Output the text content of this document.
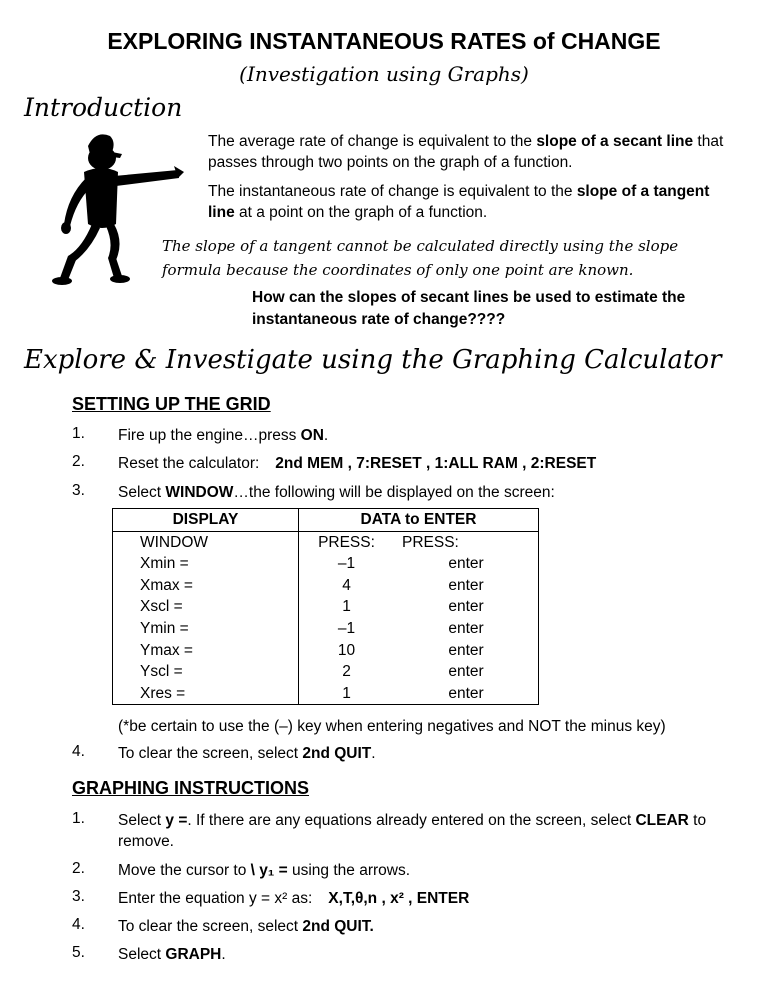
EXPLORING INSTANTANEOUS RATES of CHANGE
(Investigation using Graphs)
Introduction
The average rate of change is equivalent to the slope of a secant line that passes through two points on the graph of a function.
The instantaneous rate of change is equivalent to the slope of a tangent line at a point on the graph of a function.
The slope of a tangent cannot be calculated directly using the slope formula because the coordinates of only one point are known.
How can the slopes of secant lines be used to estimate the instantaneous rate of change????
Explore & Investigate using the Graphing Calculator
SETTING UP THE GRID
1. Fire up the engine…press ON.
2. Reset the calculator: 2nd MEM , 7:RESET , 1:ALL RAM , 2:RESET
3. Select WINDOW…the following will be displayed on the screen:
DISPLAY	DATA to ENTER	
WINDOW	PRESS:	PRESS:
Xmin =	–1	enter
Xmax =	4	enter
Xscl =	1	enter
Ymin =	–1	enter
Ymax =	10	enter
Yscl =	2	enter
Xres =	1	enter
(*be certain to use the (–) key when entering negatives and NOT the minus key)
4. To clear the screen, select 2nd QUIT.
GRAPHING INSTRUCTIONS
1. Select y =. If there are any equations already entered on the screen, select CLEAR to remove.
2. Move the cursor to \ y₁ = using the arrows.
3. Enter the equation y = x² as: X,T,θ,n , x² , ENTER
4. To clear the screen, select 2nd QUIT.
5. Select GRAPH.
